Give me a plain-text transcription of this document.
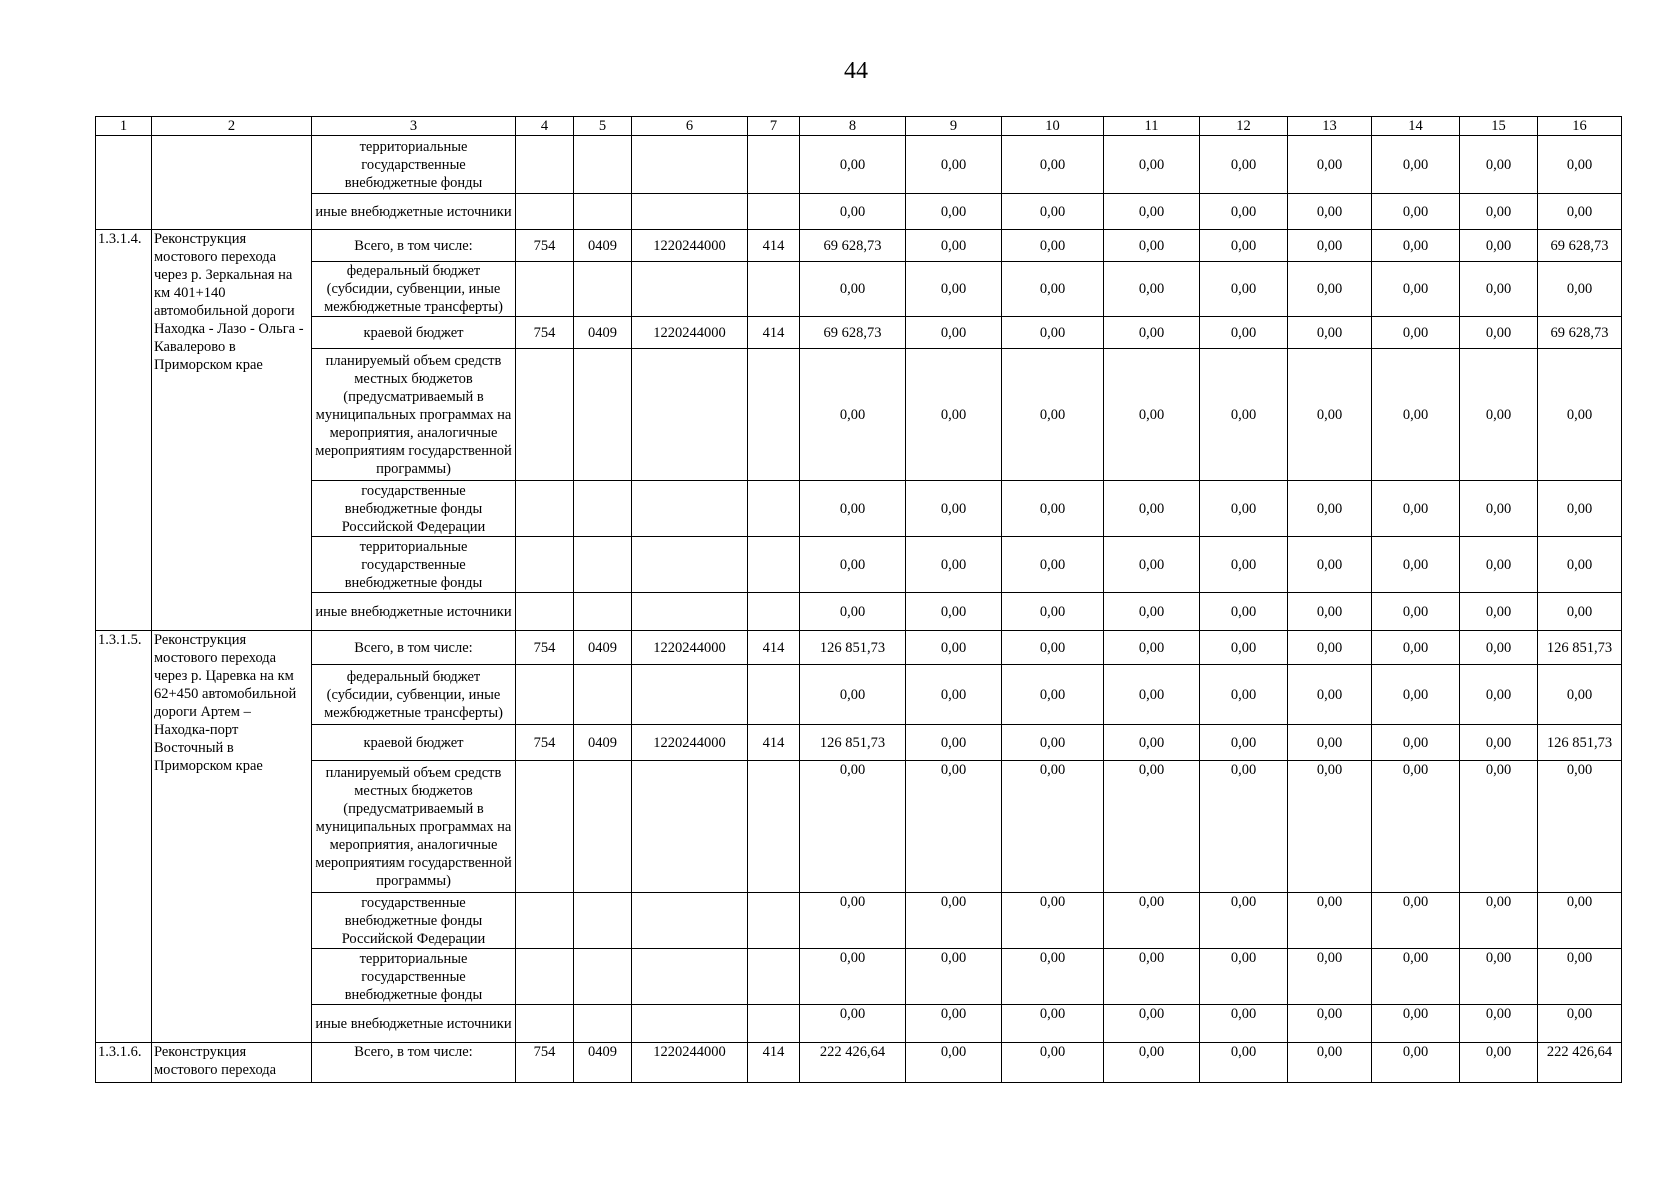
44
1	2	3	4	5	6	7	8	9	10	11	12	13	14	15	16
		территориальные государственные внебюджетные фонды					0,00	0,00	0,00	0,00	0,00	0,00	0,00	0,00	0,00
		иные внебюджетные источники					0,00	0,00	0,00	0,00	0,00	0,00	0,00	0,00	0,00
1.3.1.4.	Реконструкция мостового перехода через р. Зеркальная на км 401+140 автомобильной дороги Находка - Лазо - Ольга - Кавалерово в Приморском крае	Всего, в том числе:	754	0409	1220244000	414	69 628,73	0,00	0,00	0,00	0,00	0,00	0,00	0,00	69 628,73
		федеральный бюджет (субсидии, субвенции, иные межбюджетные трансферты)					0,00	0,00	0,00	0,00	0,00	0,00	0,00	0,00	0,00
		краевой бюджет	754	0409	1220244000	414	69 628,73	0,00	0,00	0,00	0,00	0,00	0,00	0,00	69 628,73
		планируемый объем средств местных бюджетов (предусматриваемый в муниципальных программах на мероприятия, аналогичные мероприятиям государственной программы)					0,00	0,00	0,00	0,00	0,00	0,00	0,00	0,00	0,00
		государственные внебюджетные фонды Российской Федерации					0,00	0,00	0,00	0,00	0,00	0,00	0,00	0,00	0,00
		территориальные государственные внебюджетные фонды					0,00	0,00	0,00	0,00	0,00	0,00	0,00	0,00	0,00
		иные внебюджетные источники					0,00	0,00	0,00	0,00	0,00	0,00	0,00	0,00	0,00
1.3.1.5.	Реконструкция мостового перехода через р. Царевка на км 62+450 автомобильной дороги Артем – Находка-порт Восточный в Приморском крае	Всего, в том числе:	754	0409	1220244000	414	126 851,73	0,00	0,00	0,00	0,00	0,00	0,00	0,00	126 851,73
		федеральный бюджет (субсидии, субвенции, иные межбюджетные трансферты)					0,00	0,00	0,00	0,00	0,00	0,00	0,00	0,00	0,00
		краевой бюджет	754	0409	1220244000	414	126 851,73	0,00	0,00	0,00	0,00	0,00	0,00	0,00	126 851,73
		планируемый объем средств местных бюджетов (предусматриваемый в муниципальных программах на мероприятия, аналогичные мероприятиям государственной программы)					0,00	0,00	0,00	0,00	0,00	0,00	0,00	0,00	0,00
		государственные внебюджетные фонды Российской Федерации					0,00	0,00	0,00	0,00	0,00	0,00	0,00	0,00	0,00
		территориальные государственные внебюджетные фонды					0,00	0,00	0,00	0,00	0,00	0,00	0,00	0,00	0,00
		иные внебюджетные источники					0,00	0,00	0,00	0,00	0,00	0,00	0,00	0,00	0,00
1.3.1.6.	Реконструкция мостового перехода	Всего, в том числе:	754	0409	1220244000	414	222 426,64	0,00	0,00	0,00	0,00	0,00	0,00	0,00	222 426,64
